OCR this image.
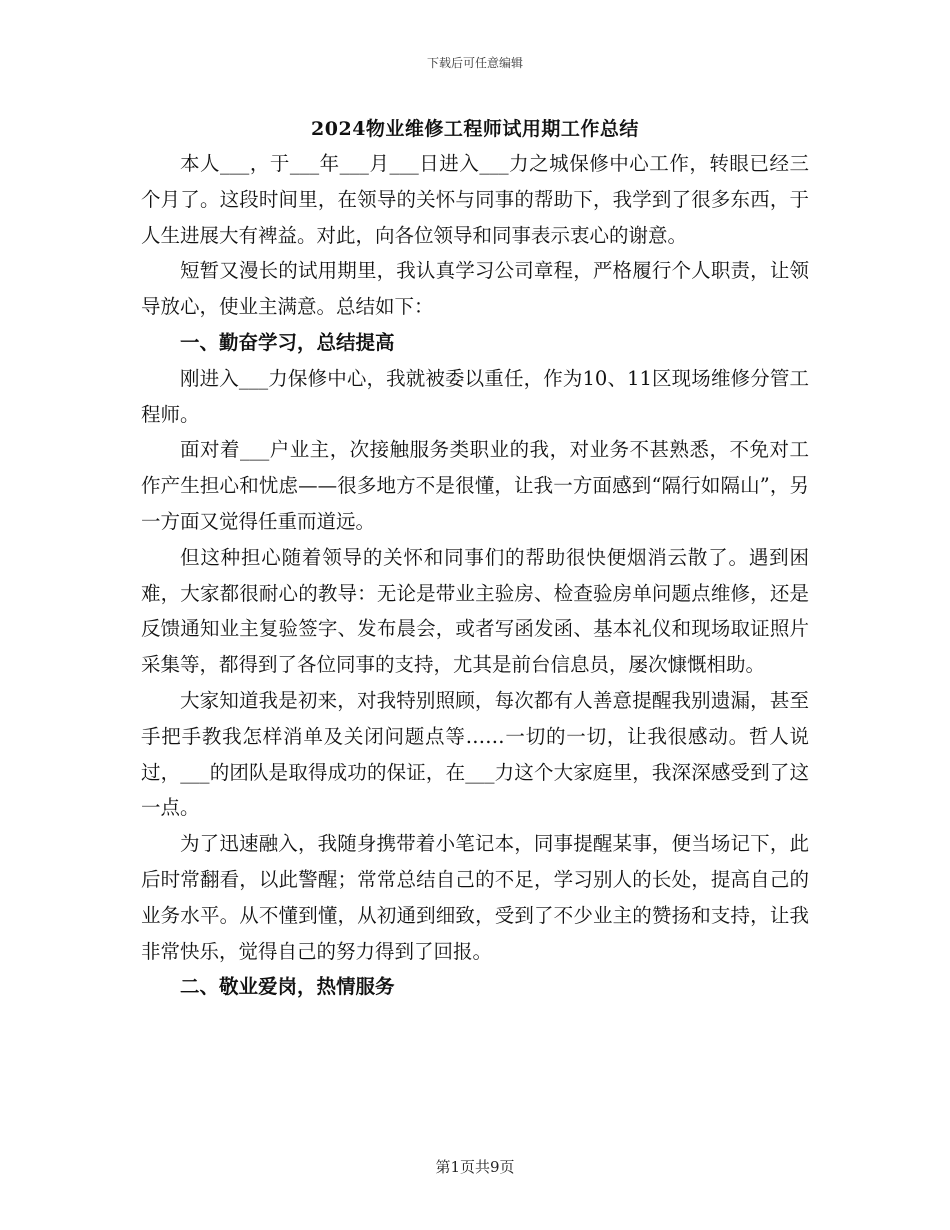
下载后可任意编辑
2024物业维修工程师试用期工作总结

本人___，于___年___月___日进入___力之城保修中心工作，转眼已经三个月了。这段时间里，在领导的关怀与同事的帮助下，我学到了很多东西，于人生进展大有裨益。对此，向各位领导和同事表示衷心的谢意。

短暂又漫长的试用期里，我认真学习公司章程，严格履行个人职责，让领导放心，使业主满意。总结如下：

一、勤奋学习，总结提高

刚进入___力保修中心，我就被委以重任，作为10、11区现场维修分管工程师。

面对着___户业主，次接触服务类职业的我，对业务不甚熟悉，不免对工作产生担心和忧虑——很多地方不是很懂，让我一方面感到“隔行如隔山”，另一方面又觉得任重而道远。

但这种担心随着领导的关怀和同事们的帮助很快便烟消云散了。遇到困难，大家都很耐心的教导：无论是带业主验房、检查验房单问题点维修，还是反馈通知业主复验签字、发布晨会，或者写函发函、基本礼仪和现场取证照片采集等，都得到了各位同事的支持，尤其是前台信息员，屡次慷慨相助。

大家知道我是初来，对我特别照顾，每次都有人善意提醒我别遗漏，甚至手把手教我怎样消单及关闭问题点等……一切的一切，让我很感动。哲人说过，___的团队是取得成功的保证，在___力这个大家庭里，我深深感受到了这一点。

为了迅速融入，我随身携带着小笔记本，同事提醒某事，便当场记下，此后时常翻看，以此警醒；常常总结自己的不足，学习别人的长处，提高自己的业务水平。从不懂到懂，从初通到细致，受到了不少业主的赞扬和支持，让我非常快乐，觉得自己的努力得到了回报。

二、敬业爱岗，热情服务

第1页共9页
